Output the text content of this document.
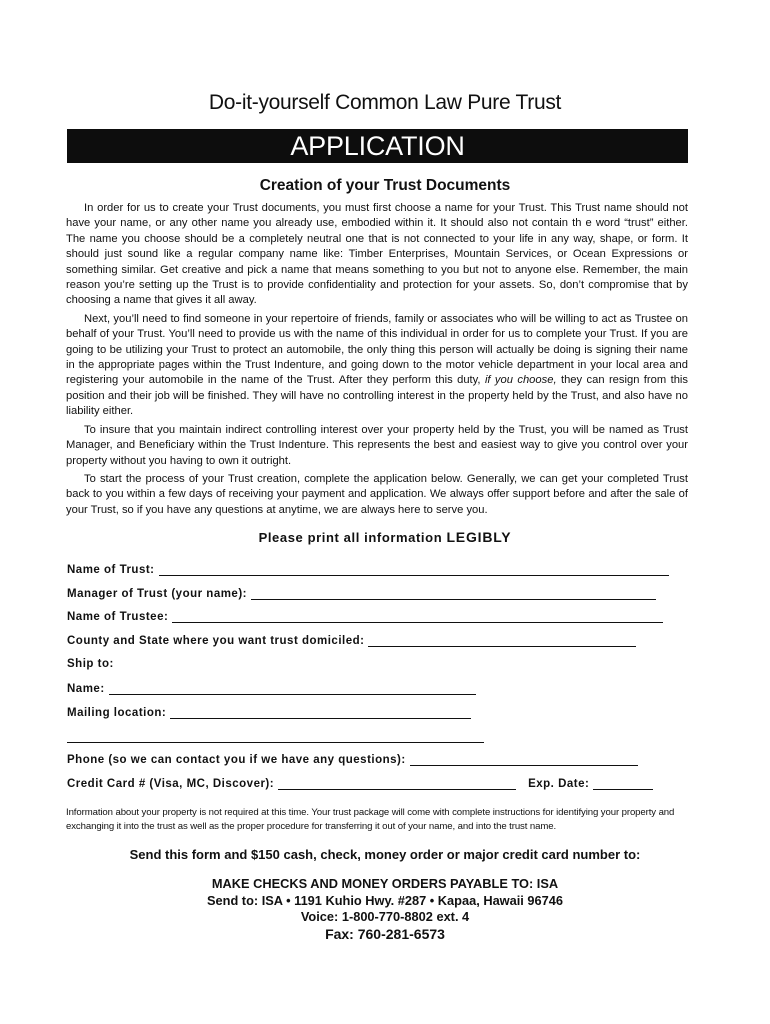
Do-it-yourself Common Law Pure Trust
APPLICATION
Creation of your Trust Documents

In order for us to create your Trust documents, you must first choose a name for your Trust. This Trust name should not have your name, or any other name you already use, embodied within it. It should also not contain th e word “trust” either. The name you choose should be a completely neutral one that is not connected to your life in any way, shape, or form. It should just sound like a regular company name like: Timber Enterprises, Mountain Services, or Ocean Expressions or something similar. Get creative and pick a name that means something to you but not to anyone else. Remember, the main reason you’re setting up the Trust is to provide confidentiality and protection for your assets. So, don’t compromise that by choosing a name that gives it all away.

Next, you’ll need to find someone in your repertoire of friends, family or associates who will be willing to act as Trustee on behalf of your Trust. You’ll need to provide us with the name of this individual in order for us to complete your Trust. If you are going to be utilizing your Trust to protect an automobile, the only thing this person will actually be doing is signing their name in the appropriate pages within the Trust Indenture, and going down to the motor vehicle department in your local area and registering your automobile in the name of the Trust. After they perform this duty, if you choose, they can resign from this position and their job will be finished. They will have no controlling interest in the property held by the Trust, and also have no liability either.

To insure that you maintain indirect controlling interest over your property held by the Trust, you will be named as Trust Manager, and Beneficiary within the Trust Indenture. This represents the best and easiest way to give you control over your property without you having to own it outright.

To start the process of your Trust creation, complete the application below. Generally, we can get your completed Trust back to you within a few days of receiving your payment and application. We always offer support before and after the sale of your Trust, so if you have any questions at anytime, we are always here to serve you.

Please print all information LEGIBLY
Name of Trust:
Manager of Trust (your name):
Name of Trustee:
County and State where you want trust domiciled:
Ship to:
Name:
Mailing location:
Phone (so we can contact you if we have any questions):
Credit Card # (Visa, MC, Discover):	Exp. Date:
Information about your property is not required at this time. Your trust package will come with complete instructions for identifying your property and exchanging it into the trust as well as the proper procedure for transferring it out of your name, and into the trust name.
Send this form and $150 cash, check, money order or major credit card number to:
MAKE CHECKS AND MONEY ORDERS PAYABLE TO: ISA
Send to: ISA • 1191 Kuhio Hwy. #287 • Kapaa, Hawaii 96746
Voice: 1-800-770-8802 ext. 4
Fax: 760-281-6573
